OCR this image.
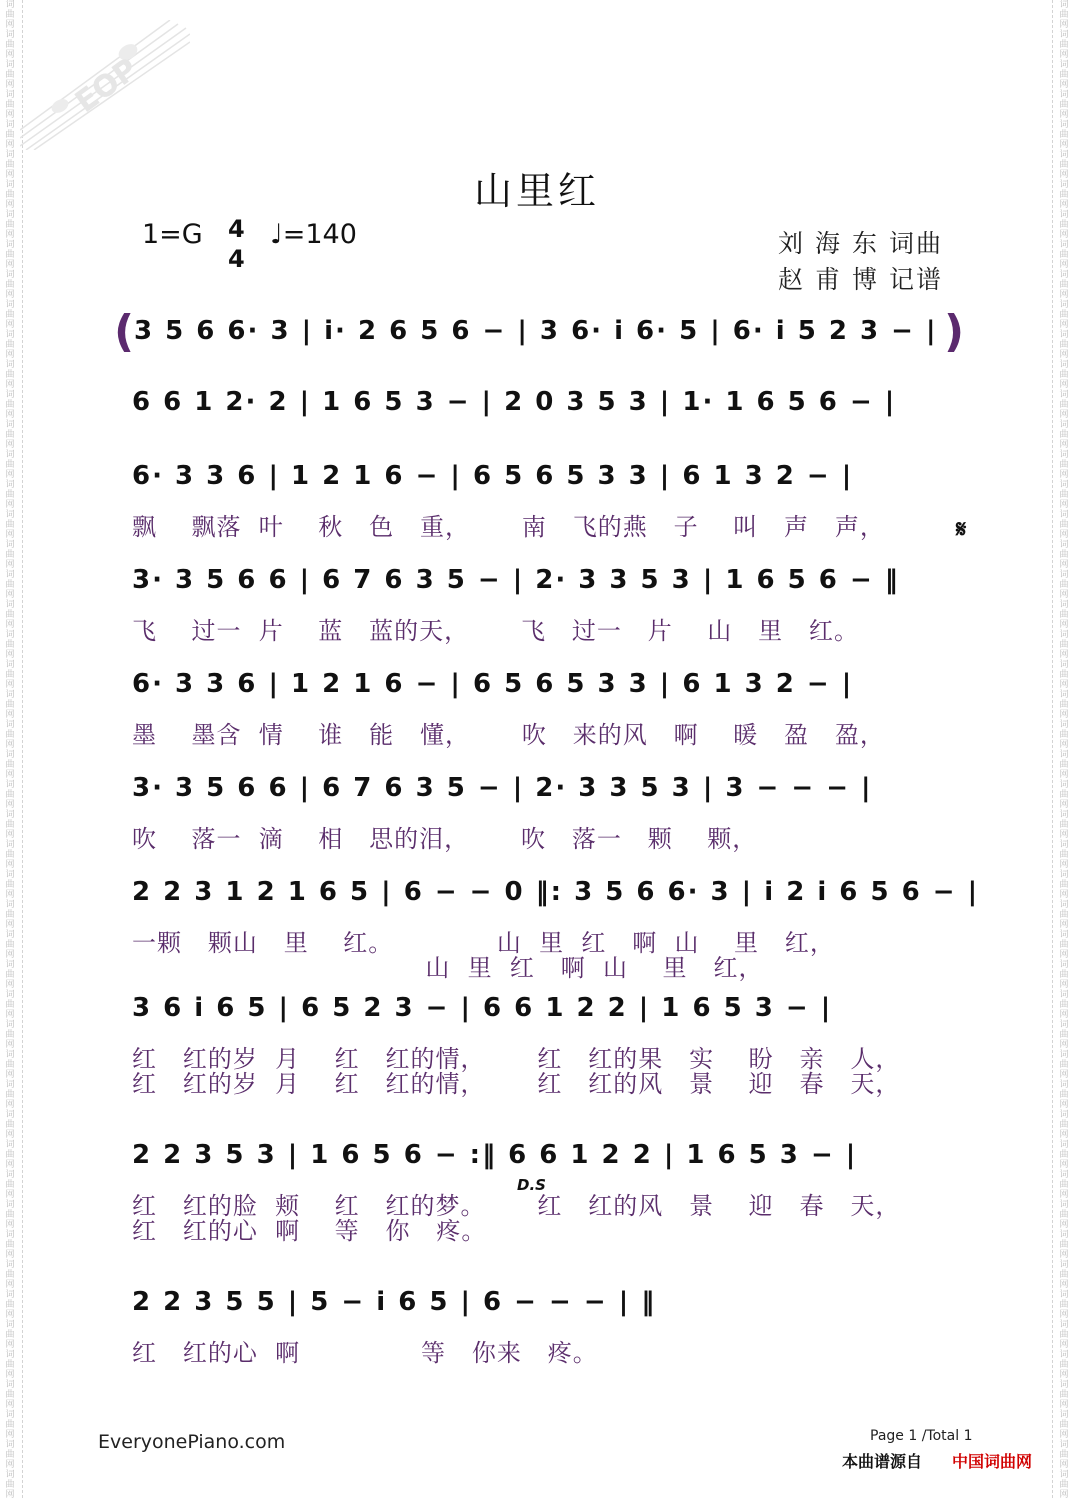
词曲网词曲网词曲网词曲网词曲网词曲网词曲网词曲网词曲网词曲网词曲网词曲网词曲网词曲网词曲网词曲网词曲网词曲网词曲网词曲网词曲网词曲网词曲网词曲网词曲网词曲网词曲网词曲网词曲网词曲网词曲网词曲网词曲网词曲网词曲网词曲网词曲网词曲网词曲网词曲网词曲网词曲网词曲网词曲网词曲网词曲网词曲网词曲网词曲网词曲网
词曲网词曲网词曲网词曲网词曲网词曲网词曲网词曲网词曲网词曲网词曲网词曲网词曲网词曲网词曲网词曲网词曲网词曲网词曲网词曲网词曲网词曲网词曲网词曲网词曲网词曲网词曲网词曲网词曲网词曲网词曲网词曲网词曲网词曲网词曲网词曲网词曲网词曲网词曲网词曲网词曲网词曲网词曲网词曲网词曲网词曲网词曲网词曲网词曲网词曲网
EOP
山里红
1=G 4
4
♩=140	刘海东词曲
赵甫博记谱
(	)
3 5 6 6· 3 | i· 2 6 5 6 − | 3 6· i 6· 5 | 6· i 5 2 3 − |
6 6 1 2· 2 | 1 6 5 3 − | 2 0 3 5 3 | 1· 1 6 5 6 − |
6· 3 3 6 | 1 2 1 6 − | 6 5 6 5 3 3 | 6 1 3 2 − |
飘    飘落  叶    秋   色   重，      南   飞的燕   子    叫   声   声，	𝄋
3· 3 5 6 6 | 6 7 6 3 5 − | 2· 3 3 5 3 | 1 6 5 6 − ‖
飞    过一  片    蓝   蓝的天，      飞   过一   片    山   里   红。
6· 3 3 6 | 1 2 1 6 − | 6 5 6 5 3 3 | 6 1 3 2 − |
墨    墨含  情    谁   能   懂，      吹   来的风   啊    暖   盈   盈，
3· 3 5 6 6 | 6 7 6 3 5 − | 2· 3 3 5 3 | 3 − − − |
吹    落一  滴    相   思的泪，      吹   落一   颗    颗，
2 2 3 1 2 1 6 5 | 6 − − 0 ‖: 3 5 6 6· 3 | i 2 i 6 5 6 − |
一颗   颗山   里    红。            山  里  红   啊  山    里   红，
山  里  红   啊  山    里   红，
3 6 i 6 5 | 6 5 2 3 − | 6 6 1 2 2 | 1 6 5 3 − |
红   红的岁  月    红   红的情，      红   红的果   实    盼   亲   人，
红   红的岁  月    红   红的情，      红   红的风   景    迎   春   天，
2 2 3 5 3 | 1 6 5 6 − :‖ 6 6 1 2 2 | 1 6 5 3 − |
D.S
红   红的脸  颊    红   红的梦。      红   红的风   景    迎   春   天，
红   红的心  啊    等   你   疼。
2 2 3 5 5 | 5 − i 6 5 | 6 − − − | ‖
红   红的心  啊              等   你来   疼。
EveryonePiano.com	Page 1 /Total 1
本曲谱源自 中国词曲网
